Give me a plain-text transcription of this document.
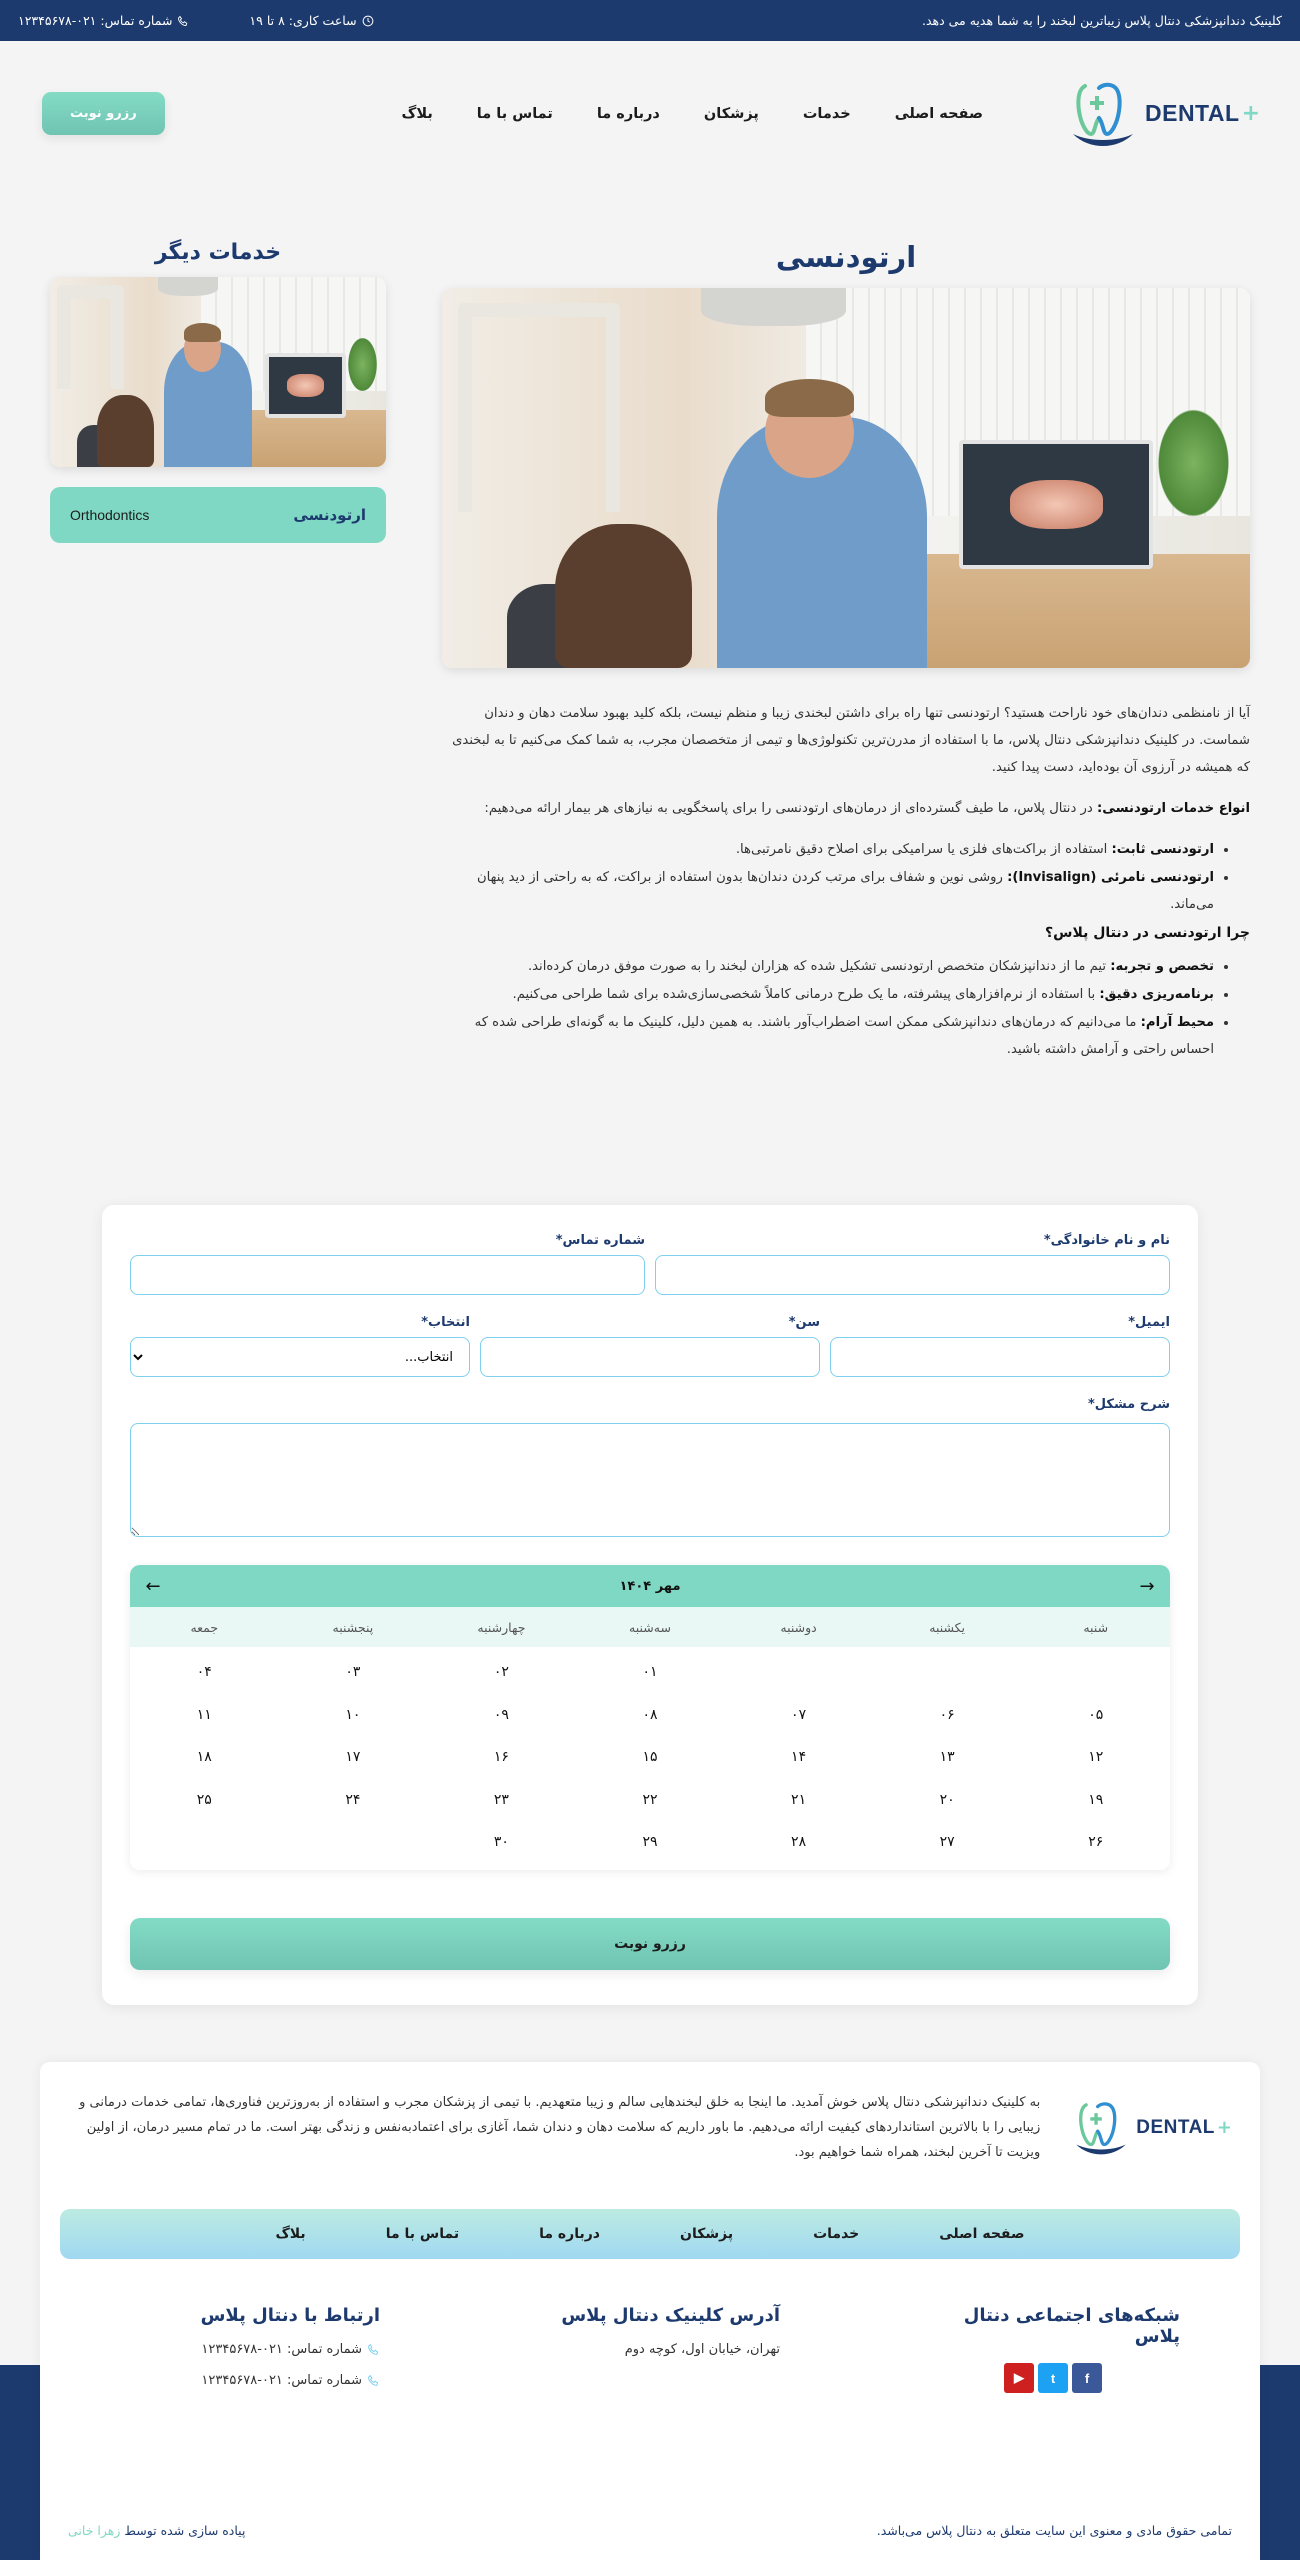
کلینیک دندانپزشکی دنتال پلاس زیباترین لبخند را به شما هدیه می دهد.
ساعت کاری: ۸ تا ۱۹
شماره تماس: ۰۲۱-۱۲۳۴۵۶۷۸
DENTAL +
صفحه اصلی
خدمات
پزشکان
درباره ما
تماس با ما
بلاگ
رزرو نوبت
ارتودنسی

آیا از نامنظمی دندان‌های خود ناراحت هستید؟ ارتودنسی تنها راه برای داشتن لبخندی زیبا و منظم نیست، بلکه کلید بهبود سلامت دهان و دندان شماست. در کلینیک دندانپزشکی دنتال پلاس، ما با استفاده از مدرن‌ترین تکنولوژی‌ها و تیمی از متخصصان مجرب، به شما کمک می‌کنیم تا به لبخندی که همیشه در آرزوی آن بوده‌اید، دست پیدا کنید.

انواع خدمات ارتودنسی: در دنتال پلاس، ما طیف گسترده‌ای از درمان‌های ارتودنسی را برای پاسخگویی به نیازهای هر بیمار ارائه می‌دهیم:

• ارتودنسی ثابت: استفاده از براکت‌های فلزی یا سرامیکی برای اصلاح دقیق نامرتبی‌ها.
• ارتودنسی نامرئی (Invisalign): روشی نوین و شفاف برای مرتب کردن دندان‌ها بدون استفاده از براکت، که به راحتی از دید پنهان می‌ماند.
چرا ارتودنسی در دنتال پلاس؟
• تخصص و تجربه: تیم ما از دندانپزشکان متخصص ارتودنسی تشکیل شده که هزاران لبخند را به صورت موفق درمان کرده‌اند.
• برنامه‌ریزی دقیق: با استفاده از نرم‌افزارهای پیشرفته، ما یک طرح درمانی کاملاً شخصی‌سازی‌شده برای شما طراحی می‌کنیم.
• محیط آرام: ما می‌دانیم که درمان‌های دندانپزشکی ممکن است اضطراب‌آور باشند. به همین دلیل، کلینیک ما به گونه‌ای طراحی شده که احساس راحتی و آرامش داشته باشید.
خدمات دیگر
ارتودنسی
Orthodontics
نام و نام خانوادگی*
شماره تماس*
ایمیل*
سن*
انتخاب*
انتخاب...
شرح مشکل*
→
مهر ۱۴۰۴
←
شنبه
یکشنبه
دوشنبه
سه‌شنبه
چهارشنبه
پنجشنبه
جمعه
۰۱
۰۲
۰۳
۰۴
۰۵
۰۶
۰۷
۰۸
۰۹
۱۰
۱۱
۱۲
۱۳
۱۴
۱۵
۱۶
۱۷
۱۸
۱۹
۲۰
۲۱
۲۲
۲۳
۲۴
۲۵
۲۶
۲۷
۲۸
۲۹
۳۰
رزرو نوبت
DENTAL +

به کلینیک دندانپزشکی دنتال پلاس خوش آمدید. ما اینجا به خلق لبخندهایی سالم و زیبا متعهدیم. با تیمی از پزشکان مجرب و استفاده از به‌روزترین فناوری‌ها، تمامی خدمات درمانی و زیبایی را با بالاترین استانداردهای کیفیت ارائه می‌دهیم. ما باور داریم که سلامت دهان و دندان شما، آغازی برای اعتمادبه‌نفس و زندگی بهتر است. ما در تمام مسیر درمان، از اولین ویزیت تا آخرین لبخند، همراه شما خواهیم بود.

صفحه اصلی
خدمات
پزشکان
درباره ما
تماس با ما
بلاگ
شبکه‌های اجتماعی دنتال پلاس
f
t
▶
آدرس کلینیک دنتال پلاس
تهران، خیابان اول، کوچه دوم
ارتباط با دنتال پلاس
شماره تماس: ۰۲۱-۱۲۳۴۵۶۷۸
شماره تماس: ۰۲۱-۱۲۳۴۵۶۷۸
تمامی حقوق مادی و معنوی این سایت متعلق به دنتال پلاس می‌باشد.
پیاده سازی شده توسط زهرا خانی
